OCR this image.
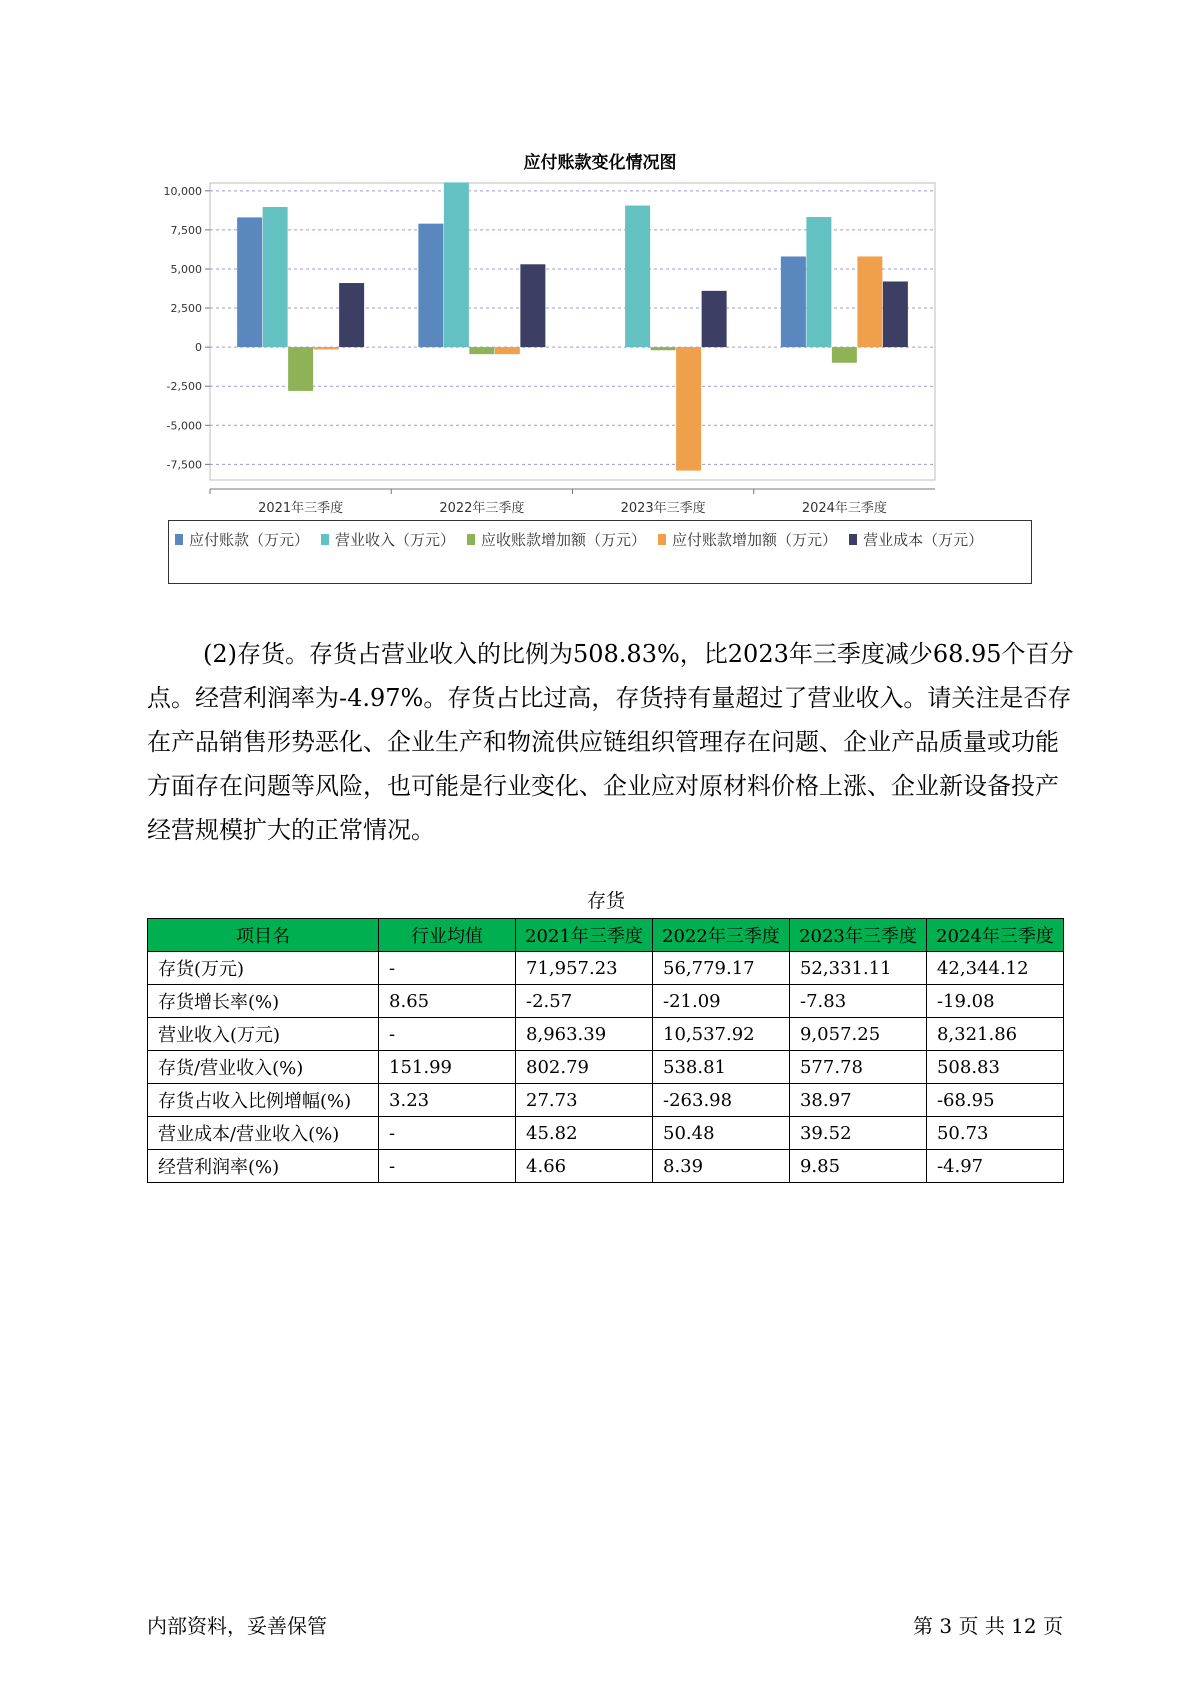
应付账款变化情况图
10,000
7,500
5,000
2,500
0
-2,500
-5,000
-7,500
2021年三季度	2022年三季度	2023年三季度	2024年三季度
应付账款（万元） 营业收入（万元） 应收账款增加额（万元） 应付账款增加额（万元） 营业成本（万元）

(2)存货。存货占营业收入的比例为508.83%，比2023年三季度减少68.95个百分点。经营利润率为-4.97%。存货占比过高，存货持有量超过了营业收入。请关注是否存在产品销售形势恶化、企业生产和物流供应链组织管理存在问题、企业产品质量或功能方面存在问题等风险，也可能是行业变化、企业应对原材料价格上涨、企业新设备投产经营规模扩大的正常情况。

存货
项目名	行业均值	2021年三季度	2022年三季度	2023年三季度	2024年三季度
存货(万元)	-	71,957.23	56,779.17	52,331.11	42,344.12
存货增长率(%)	8.65	-2.57	-21.09	-7.83	-19.08
营业收入(万元)	-	8,963.39	10,537.92	9,057.25	8,321.86
存货/营业收入(%)	151.99	802.79	538.81	577.78	508.83
存货占收入比例增幅(%)	3.23	27.73	-263.98	38.97	-68.95
营业成本/营业收入(%)	-	45.82	50.48	39.52	50.73
经营利润率(%)	-	4.66	8.39	9.85	-4.97
内部资料，妥善保管	第 3 页 共 12 页
